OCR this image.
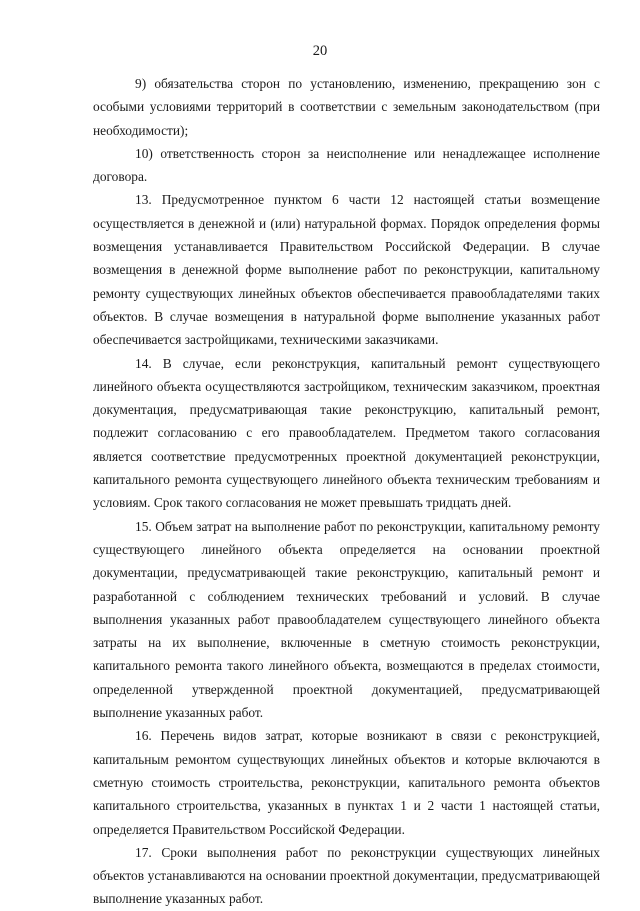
20

9) обязательства сторон по установлению, изменению, прекращению зон с особыми условиями территорий в соответствии с земельным законодательством (при необходимости);

10) ответственность сторон за неисполнение или ненадлежащее исполнение договора.

13. Предусмотренное пунктом 6 части 12 настоящей статьи возмещение осуществляется в денежной и (или) натуральной формах. Порядок определения формы возмещения устанавливается Правительством Российской Федерации. В случае возмещения в денежной форме выполнение работ по реконструкции, капитальному ремонту существующих линейных объектов обеспечивается правообладателями таких объектов. В случае возмещения в натуральной форме выполнение указанных работ обеспечивается застройщиками, техническими заказчиками.

14. В случае, если реконструкция, капитальный ремонт существующего линейного объекта осуществляются застройщиком, техническим заказчиком, проектная документация, предусматривающая такие реконструкцию, капитальный ремонт, подлежит согласованию с его правообладателем. Предметом такого согласования является соответствие предусмотренных проектной документацией реконструкции, капитального ремонта существующего линейного объекта техническим требованиям и условиям. Срок такого согласования не может превышать тридцать дней.

15. Объем затрат на выполнение работ по реконструкции, капитальному ремонту существующего линейного объекта определяется на основании проектной документации, предусматривающей такие реконструкцию, капитальный ремонт и разработанной с соблюдением технических требований и условий. В случае выполнения указанных работ правообладателем существующего линейного объекта затраты на их выполнение, включенные в сметную стоимость реконструкции, капитального ремонта такого линейного объекта, возмещаются в пределах стоимости, определенной утвержденной проектной документацией, предусматривающей выполнение указанных работ.

16. Перечень видов затрат, которые возникают в связи с реконструкцией, капитальным ремонтом существующих линейных объектов и которые включаются в сметную стоимость строительства, реконструкции, капитального ремонта объектов капитального строительства, указанных в пунктах 1 и 2 части 1 настоящей статьи, определяется Правительством Российской Федерации.

17. Сроки выполнения работ по реконструкции существующих линейных объектов устанавливаются на основании проектной документации, предусматривающей выполнение указанных работ.
